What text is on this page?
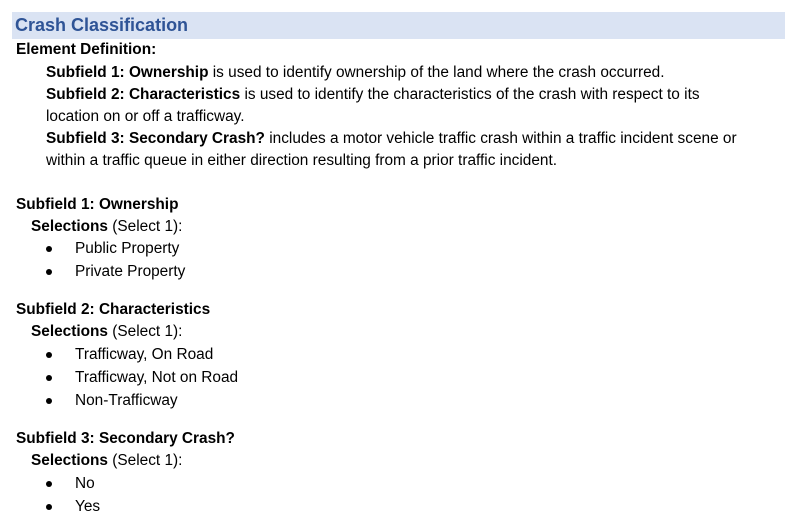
Crash Classification
Element Definition:
Subfield 1: Ownership is used to identify ownership of the land where the crash occurred.
Subfield 2: Characteristics is used to identify the characteristics of the crash with respect to its
location on or off a trafficway.
Subfield 3: Secondary Crash? includes a motor vehicle traffic crash within a traffic incident scene or
within a traffic queue in either direction resulting from a prior traffic incident.
Subfield 1: Ownership
Selections (Select 1):
Public Property
Private Property
Subfield 2: Characteristics
Selections (Select 1):
Trafficway, On Road
Trafficway, Not on Road
Non-Trafficway
Subfield 3: Secondary Crash?
Selections (Select 1):
No
Yes
